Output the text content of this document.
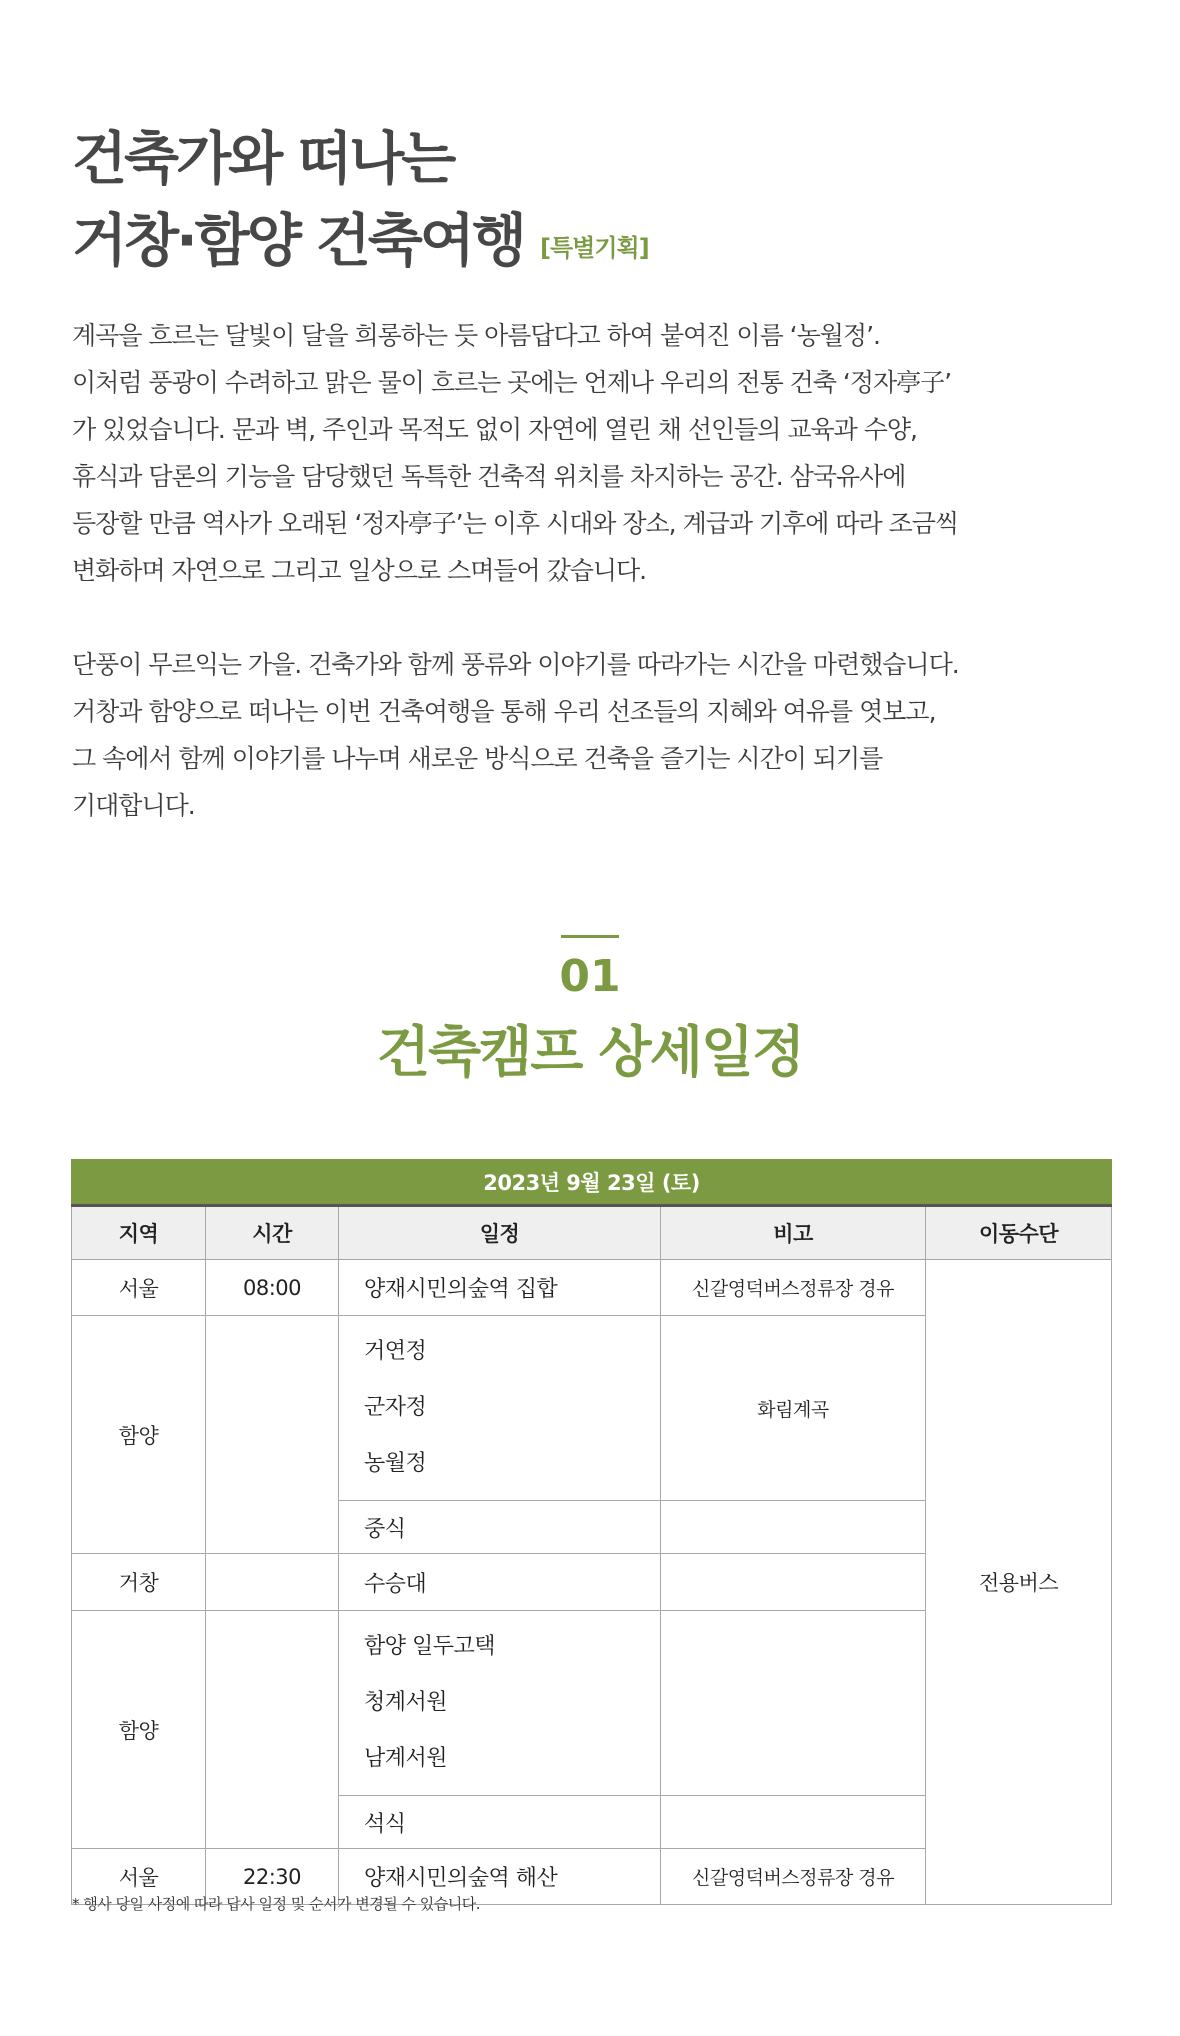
건축가와 떠나는

거창·함양 건축여행 [특별기획]

계곡을 흐르는 달빛이 달을 희롱하는 듯 아름답다고 하여 붙여진 이름 ‘농월정’.

이처럼 풍광이 수려하고 맑은 물이 흐르는 곳에는 언제나 우리의 전통 건축 ‘정자亭子’

가 있었습니다. 문과 벽, 주인과 목적도 없이 자연에 열린 채 선인들의 교육과 수양,

휴식과 담론의 기능을 담당했던 독특한 건축적 위치를 차지하는 공간. 삼국유사에

등장할 만큼 역사가 오래된 ‘정자亭子’는 이후 시대와 장소, 계급과 기후에 따라 조금씩

변화하며 자연으로 그리고 일상으로 스며들어 갔습니다.

단풍이 무르익는 가을. 건축가와 함께 풍류와 이야기를 따라가는 시간을 마련했습니다.

거창과 함양으로 떠나는 이번 건축여행을 통해 우리 선조들의 지혜와 여유를 엿보고,

그 속에서 함께 이야기를 나누며 새로운 방식으로 건축을 즐기는 시간이 되기를

기대합니다.

01
건축캠프 상세일정
2023년 9월 23일 (토)				
지역	시간	일정	비고	이동수단
서울	08:00	양재시민의숲역 집합	신갈영덕버스정류장 경유	전용버스
함양		거연정
군자정
농월정	화림계곡	
		중식		
거창		수승대		
함양		함양 일두고택
청계서원
남계서원		

		석식		
서울	22:30	양재시민의숲역 해산	신갈영덕버스정류장 경유	
* 행사 당일 사정에 따라 답사 일정 및 순서가 변경될 수 있습니다.
